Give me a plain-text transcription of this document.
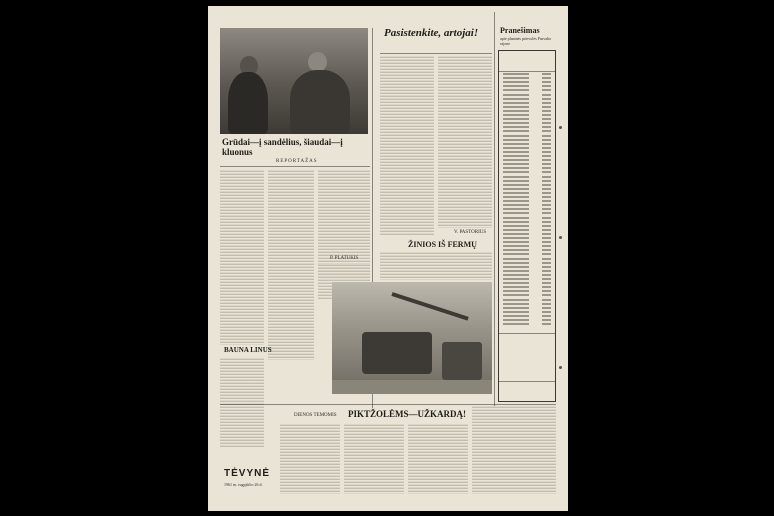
Grūdai—į sandėlius, šiaudai—į kluonus
REPORTAŽAS
P. PLATUKIS
BAUNA LINUS
Pasistenkite, artojai!
V. PASTORIUS
ŽINIOS IŠ FERMŲ
Pranešimas
apie planinės prievolės Pasvalio rajone
DIENOS TEMOMIS PIKTŽOLĖMS—UŽKARDĄ!
TĖVYNĖ
1961 m. rugpjūčio 26 d.
